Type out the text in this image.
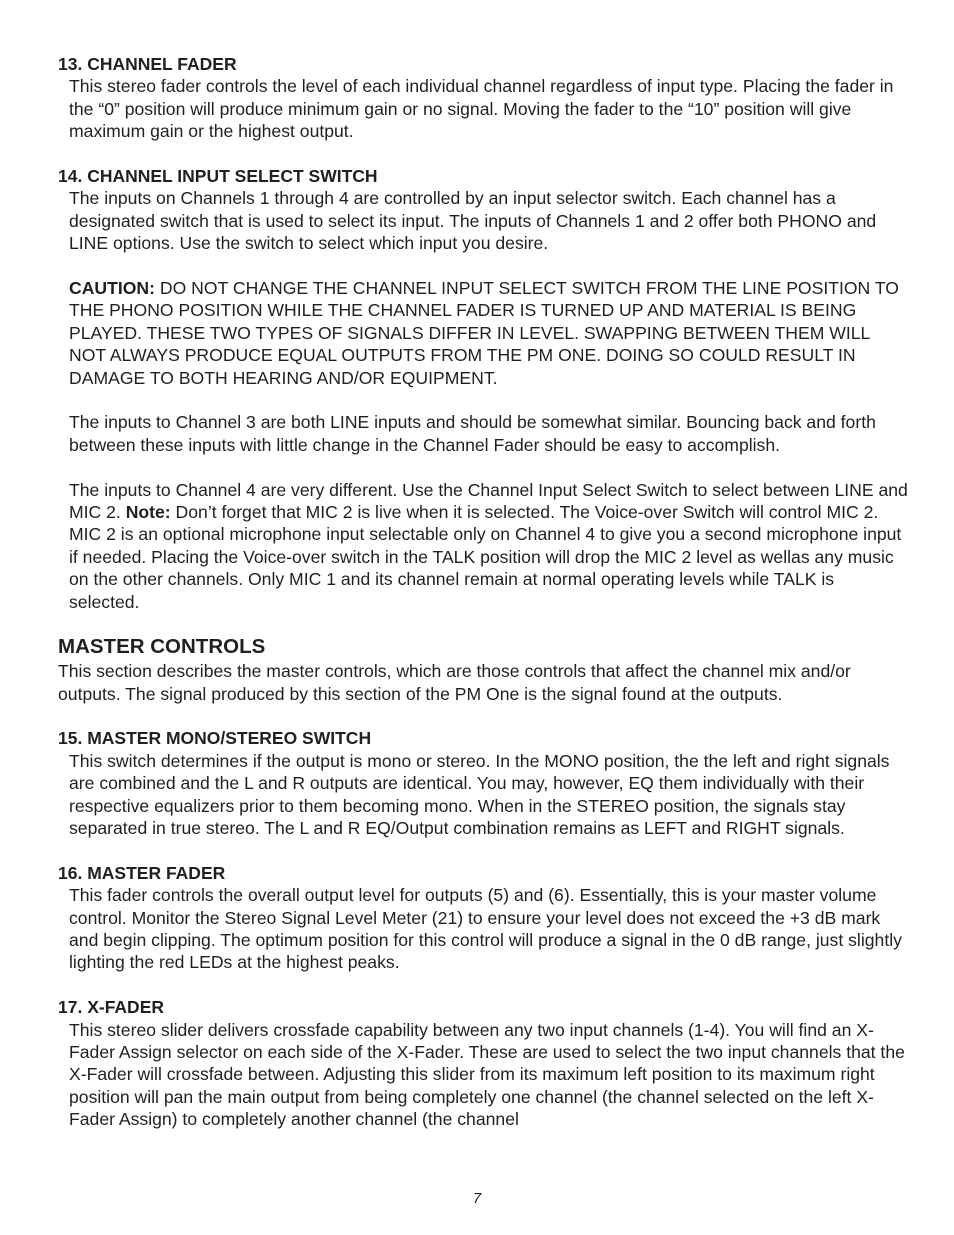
13. CHANNEL FADER

This stereo fader controls the level of each individual channel regardless of input type. Placing the fader in the “0” position will produce minimum gain or no signal. Moving the fader to the “10” position will give maximum gain or the highest output.

14. CHANNEL INPUT SELECT SWITCH

The inputs on Channels 1 through 4 are controlled by an input selector switch. Each channel has a designated switch that is used to select its input. The inputs of Channels 1 and 2 offer both PHONO and LINE options. Use the switch to select which input you desire.

CAUTION: DO NOT CHANGE THE CHANNEL INPUT SELECT SWITCH FROM THE LINE POSITION TO THE PHONO POSITION WHILE THE CHANNEL FADER IS TURNED UP AND MATERIAL IS BEING PLAYED. THESE TWO TYPES OF SIGNALS DIFFER IN LEVEL. SWAPPING BETWEEN THEM WILL NOT ALWAYS PRODUCE EQUAL OUTPUTS FROM THE PM ONE. DOING SO COULD RESULT IN DAMAGE TO BOTH HEARING AND/OR EQUIPMENT.

The inputs to Channel 3 are both LINE inputs and should be somewhat similar. Bouncing back and forth between these inputs with little change in the Channel Fader should be easy to accomplish.

The inputs to Channel 4 are very different. Use the Channel Input Select Switch to select between LINE and MIC 2. Note: Don’t forget that MIC 2 is live when it is selected. The Voice-over Switch will control MIC 2. MIC 2 is an optional microphone input selectable only on Channel 4 to give you a second microphone input if needed. Placing the Voice-over switch in the TALK position will drop the MIC 2 level as wellas any music on the other channels. Only MIC 1 and its channel remain at normal operating levels while TALK is selected.

MASTER CONTROLS

This section describes the master controls, which are those controls that affect the channel mix and/or outputs. The signal produced by this section of the PM One is the signal found at the outputs.

15. MASTER MONO/STEREO SWITCH

This switch determines if the output is mono or stereo. In the MONO position, the the left and right signals are combined and the L and R outputs are identical. You may, however, EQ them individually with their respective equalizers prior to them becoming mono. When in the STEREO position, the signals stay separated in true stereo. The L and R EQ/Output combination remains as LEFT and RIGHT signals.

16. MASTER FADER

This fader controls the overall output level for outputs (5) and (6). Essentially, this is your master volume control. Monitor the Stereo Signal Level Meter (21) to ensure your level does not exceed the +3 dB mark and begin clipping. The optimum position for this control will produce a signal in the 0 dB range, just slightly lighting the red LEDs at the highest peaks.

17. X-FADER

This stereo slider delivers crossfade capability between any two input channels (1-4). You will find an X-Fader Assign selector on each side of the X-Fader. These are used to select the two input channels that the X-Fader will crossfade between. Adjusting this slider from its maximum left position to its maximum right position will pan the main output from being completely one channel (the channel selected on the left X-Fader Assign) to completely another channel (the channel

7
